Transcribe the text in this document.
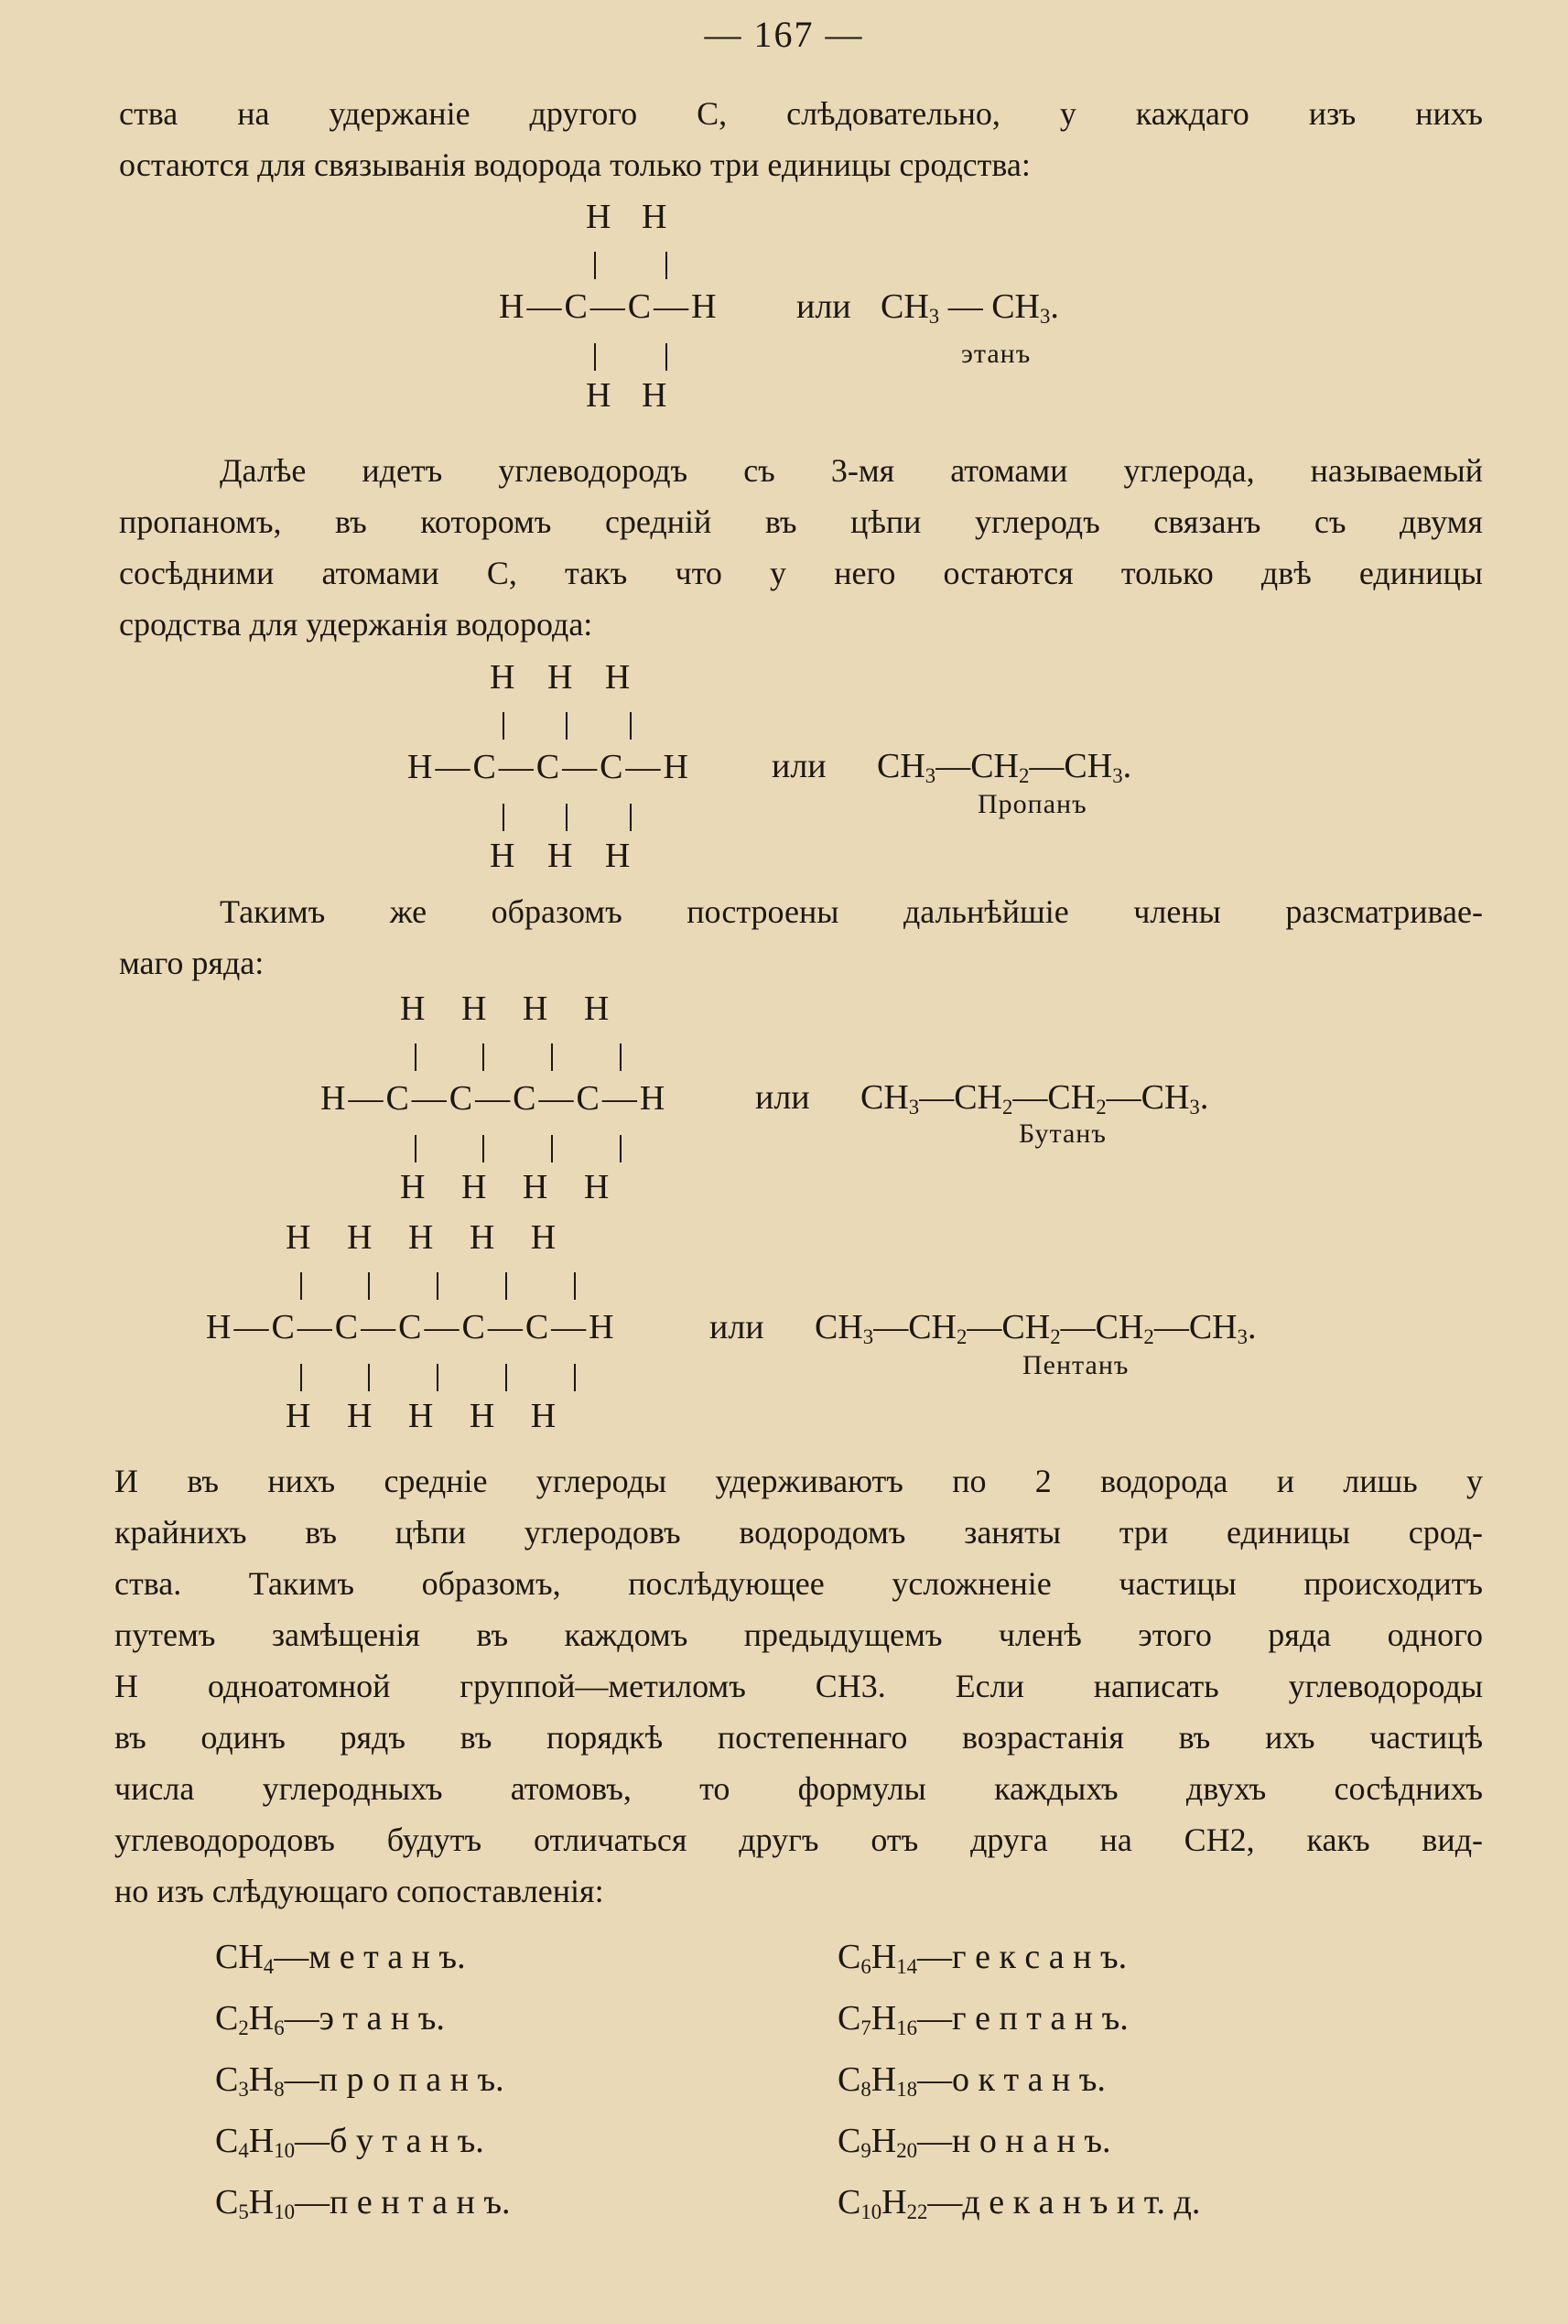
— 167 —
ства на удержаніе другого С, слѣдовательно, у каждаго изъ нихъ
остаются для связыванія водорода только три единицы сродства:
Н Н
Н—С—С—Н
Н Н
или $CH_3$ — $CH_3$.
этанъ
Далѣе идетъ углеводородъ съ 3-мя атомами углерода, называемый
пропаномъ, въ которомъ средній въ цѣпи углеродъ связанъ съ двумя
сосѣдними атомами С, такъ что у него остаются только двѣ единицы
сродства для удержанія водорода:
Н Н Н
Н—С—С—С—Н
Н Н Н
или $CH_3—CH_2—CH_3$.
Пропанъ
Такимъ же образомъ построены дальнѣйшіе члены разсматривае-
маго ряда:
Н Н Н Н
Н—С—С—С—С—Н
Н Н Н Н
или $CH_3—CH_2—CH_2—CH_3$.
Бутанъ
Н Н Н Н Н
Н—С—С—С—С—С—Н
Н Н Н Н Н
или $CH_3—CH_2—CH_2—CH_2—CH_3$.
Пентанъ
И въ нихъ средніе углероды удерживаютъ по 2 водорода и лишь у
крайнихъ въ цѣпи углеродовъ водородомъ заняты три единицы срод-
ства. Такимъ образомъ, послѣдующее усложненіе частицы происходитъ
путемъ замѣщенія въ каждомъ предыдущемъ членѣ этого ряда одного
Н одноатомной группой—метиломъ CH3. Если написать углеводороды
въ одинъ рядъ въ порядкѣ постепеннаго возрастанія въ ихъ частицѣ
числа углеродныхъ атомовъ, то формулы каждыхъ двухъ сосѣднихъ
углеводородовъ будутъ отличаться другъ отъ друга на CH2, какъ вид-
но изъ слѣдующаго сопоставленія:
$CH_4—м$ е т а н ъ.
$C_2H_6—э$ т а н ъ.
$C_3H_8—п$ р о п а н ъ.
$C_4H_{10}—б$ у т а н ъ.
$C_5H_{10}—п$ е н т а н ъ.
$C_6H_{14}—г$ е к с а н ъ.
$C_7H_{16}—г$ е п т а н ъ.
$C_8H_{18}—о$ к т а н ъ.
$C_9H_{20}—н$ о н а н ъ.
$C_{10}H_{22}—д$ е к а н ъ и т. д.
